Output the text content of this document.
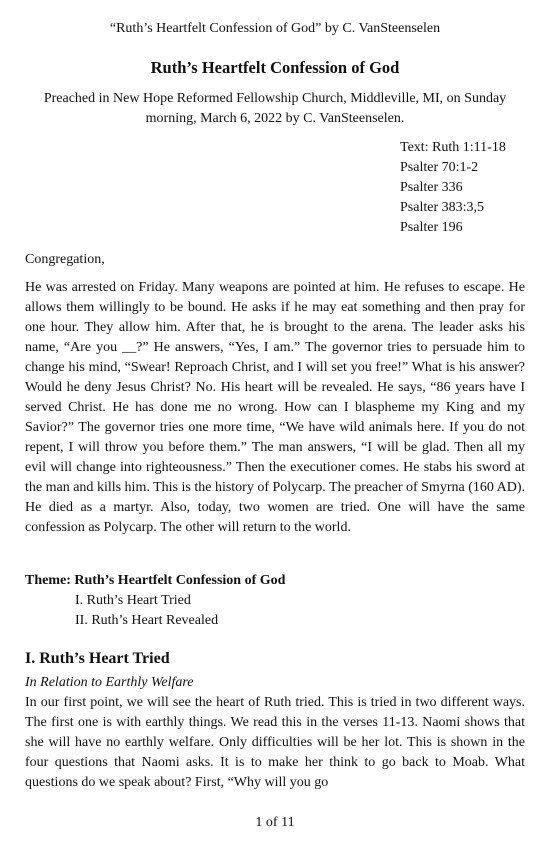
“Ruth’s Heartfelt Confession of God” by C. VanSteenselen
Ruth’s Heartfelt Confession of God
Preached in New Hope Reformed Fellowship Church, Middleville, MI, on Sunday morning, March 6, 2022 by C. VanSteenselen.
Text: Ruth 1:11-18
Psalter 70:1-2
Psalter 336
Psalter 383:3,5
Psalter 196
Congregation,
He was arrested on Friday. Many weapons are pointed at him. He refuses to escape. He allows them willingly to be bound. He asks if he may eat something and then pray for one hour. They allow him. After that, he is brought to the arena. The leader asks his name, “Are you __?” He answers, “Yes, I am.” The governor tries to persuade him to change his mind, “Swear! Reproach Christ, and I will set you free!” What is his answer? Would he deny Jesus Christ? No. His heart will be revealed. He says, “86 years have I served Christ. He has done me no wrong. How can I blaspheme my King and my Savior?” The governor tries one more time, “We have wild animals here. If you do not repent, I will throw you before them.” The man answers, “I will be glad. Then all my evil will change into righteousness.” Then the executioner comes. He stabs his sword at the man and kills him. This is the history of Polycarp. The preacher of Smyrna (160 AD). He died as a martyr. Also, today, two women are tried. One will have the same confession as Polycarp. The other will return to the world.
Theme: Ruth’s Heartfelt Confession of God
I. Ruth’s Heart Tried
II. Ruth’s Heart Revealed
I. Ruth’s Heart Tried
In Relation to Earthly Welfare
In our first point, we will see the heart of Ruth tried. This is tried in two different ways. The first one is with earthly things. We read this in the verses 11-13. Naomi shows that she will have no earthly welfare. Only difficulties will be her lot. This is shown in the four questions that Naomi asks. It is to make her think to go back to Moab. What questions do we speak about? First, “Why will you go
1 of 11
